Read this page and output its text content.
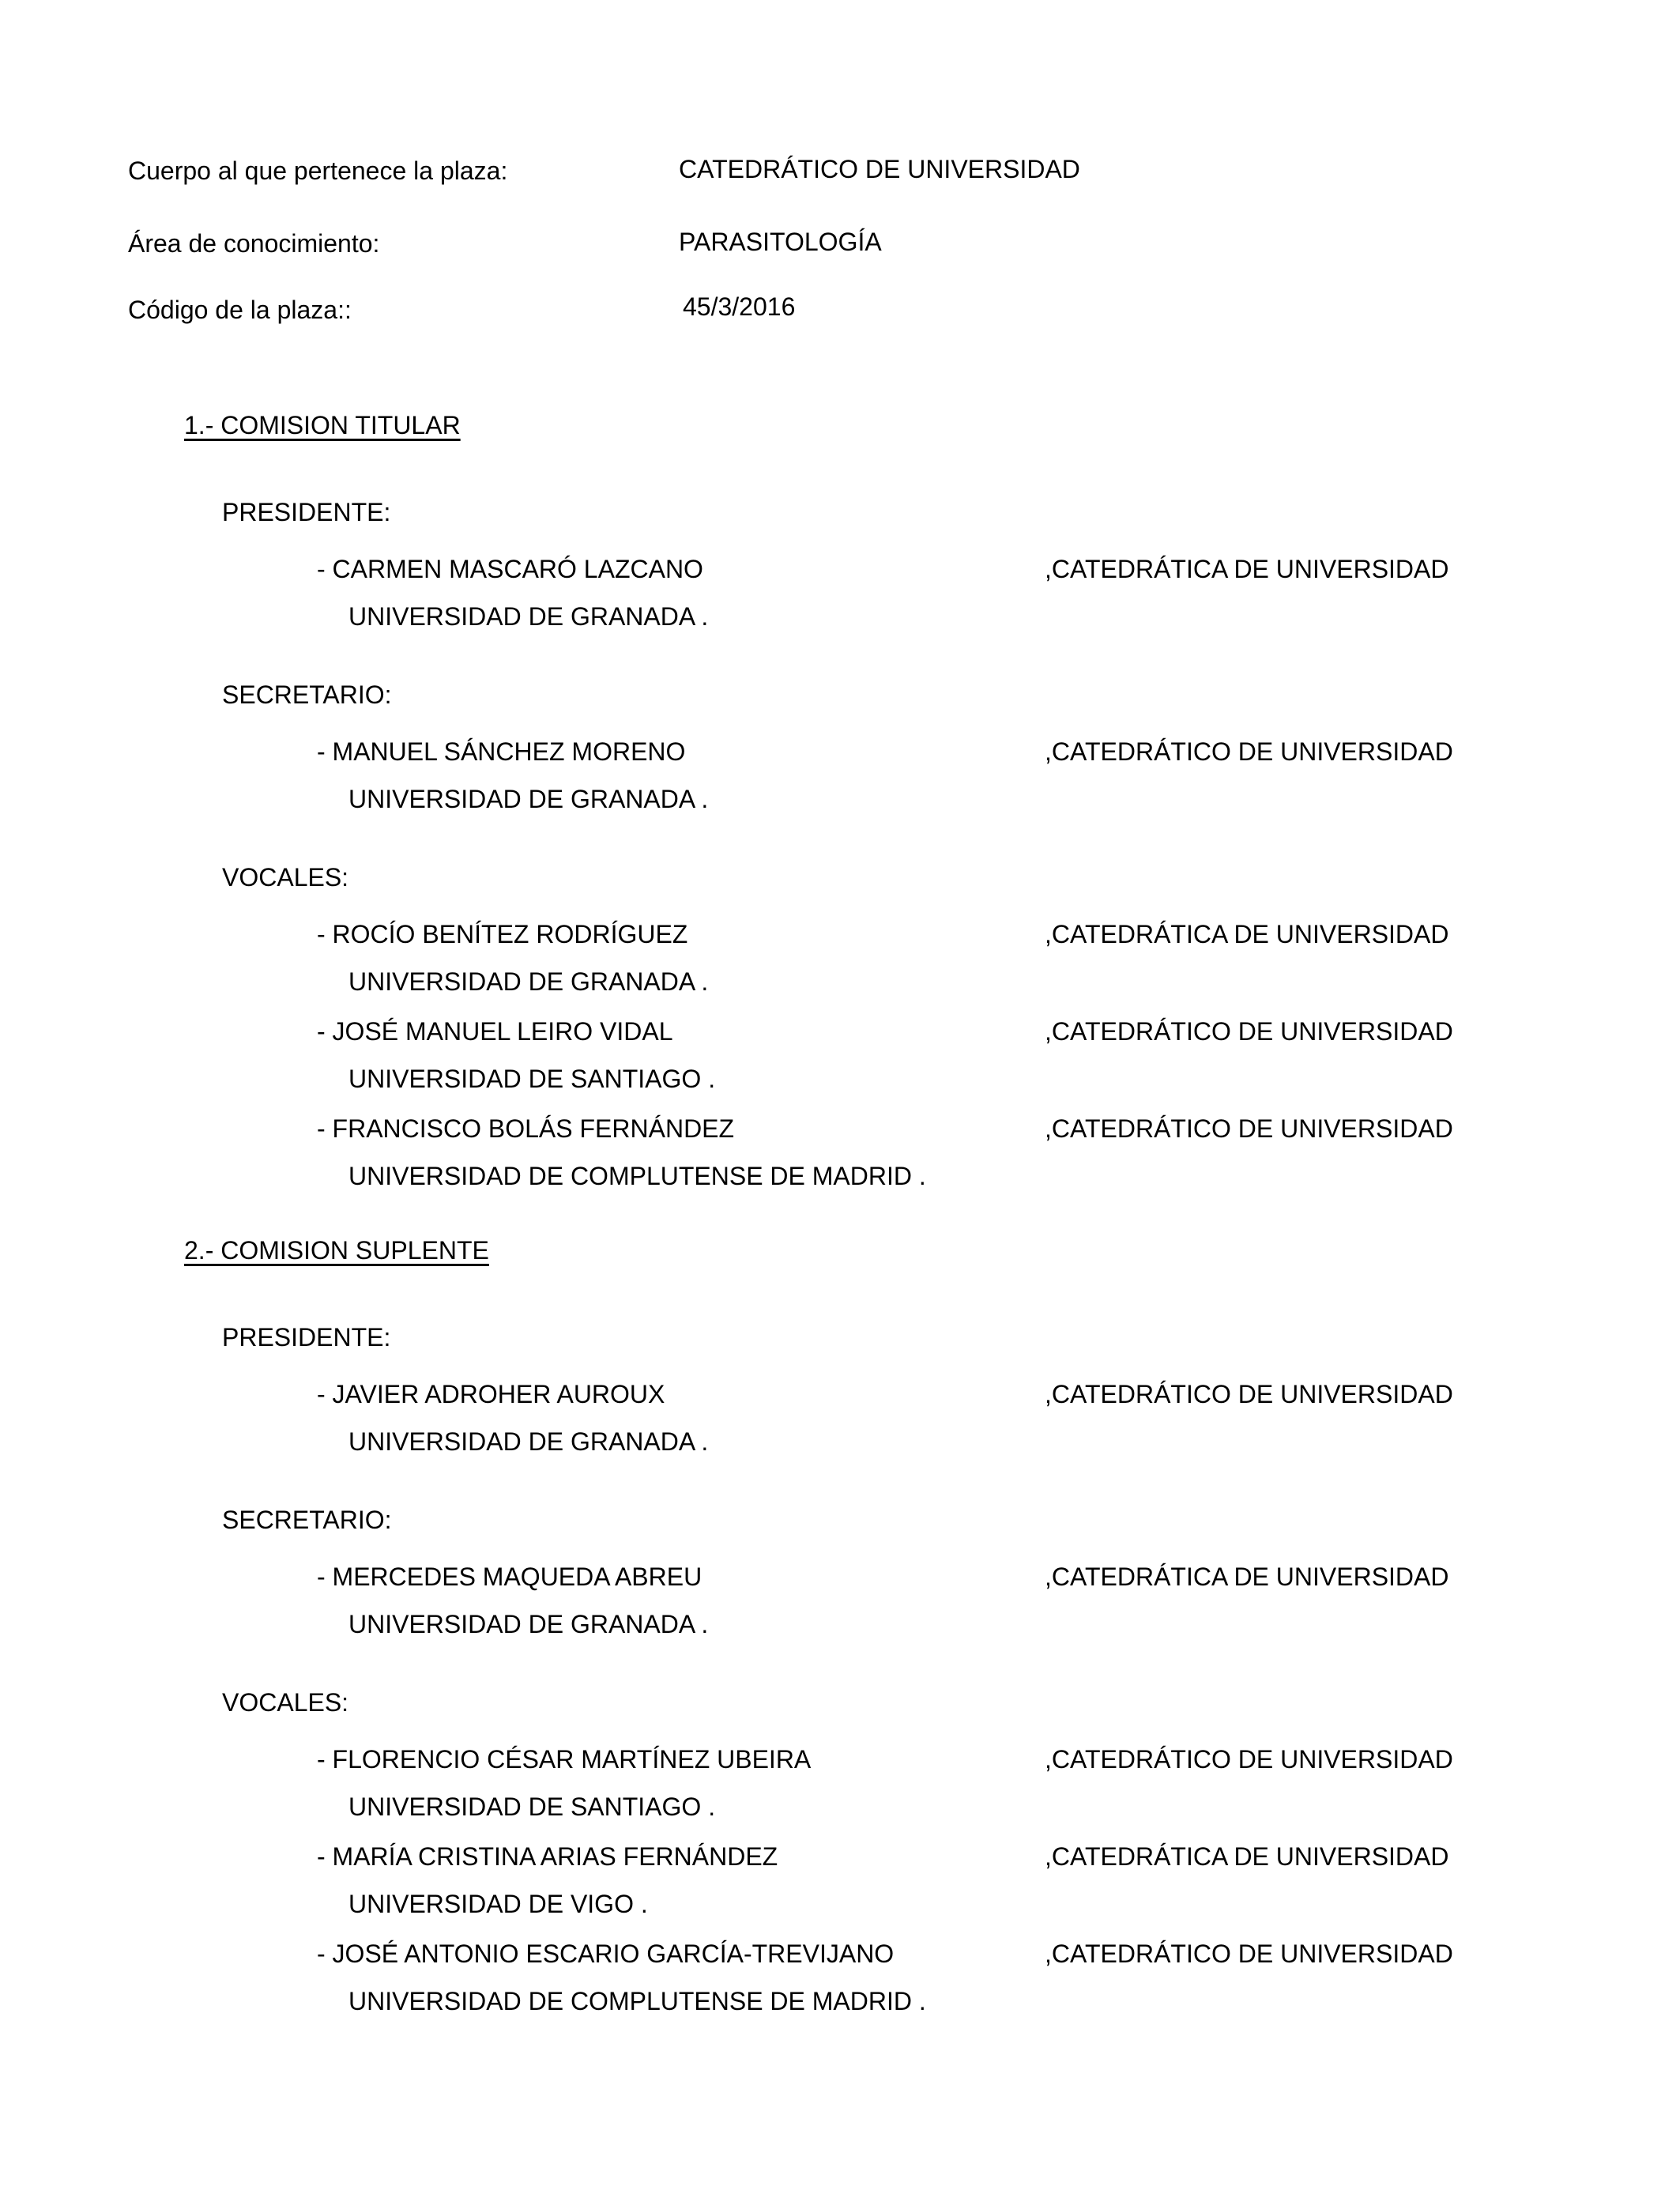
Cuerpo al que pertenece la plaza:	CATEDRÁTICO DE UNIVERSIDAD
Área de conocimiento:	PARASITOLOGÍA
Código de la plaza::	45/3/2016
1.- COMISION TITULAR
PRESIDENTE:
- CARMEN MASCARÓ LAZCANO	,CATEDRÁTICA DE UNIVERSIDAD
UNIVERSIDAD DE GRANADA .
SECRETARIO:
- MANUEL SÁNCHEZ MORENO	,CATEDRÁTICO DE UNIVERSIDAD
UNIVERSIDAD DE GRANADA .
VOCALES:
- ROCÍO BENÍTEZ RODRÍGUEZ	,CATEDRÁTICA DE UNIVERSIDAD
UNIVERSIDAD DE GRANADA .
- JOSÉ MANUEL LEIRO VIDAL	,CATEDRÁTICO DE UNIVERSIDAD
UNIVERSIDAD DE SANTIAGO .
- FRANCISCO BOLÁS FERNÁNDEZ	,CATEDRÁTICO DE UNIVERSIDAD
UNIVERSIDAD DE COMPLUTENSE DE MADRID .
2.- COMISION SUPLENTE
PRESIDENTE:
- JAVIER ADROHER AUROUX	,CATEDRÁTICO DE UNIVERSIDAD
UNIVERSIDAD DE GRANADA .
SECRETARIO:
- MERCEDES MAQUEDA ABREU	,CATEDRÁTICA DE UNIVERSIDAD
UNIVERSIDAD DE GRANADA .
VOCALES:
- FLORENCIO CÉSAR MARTÍNEZ UBEIRA	,CATEDRÁTICO DE UNIVERSIDAD
UNIVERSIDAD DE SANTIAGO .
- MARÍA CRISTINA ARIAS FERNÁNDEZ	,CATEDRÁTICA DE UNIVERSIDAD
UNIVERSIDAD DE VIGO .
- JOSÉ ANTONIO ESCARIO GARCÍA-TREVIJANO	,CATEDRÁTICO DE UNIVERSIDAD
UNIVERSIDAD DE COMPLUTENSE DE MADRID .
